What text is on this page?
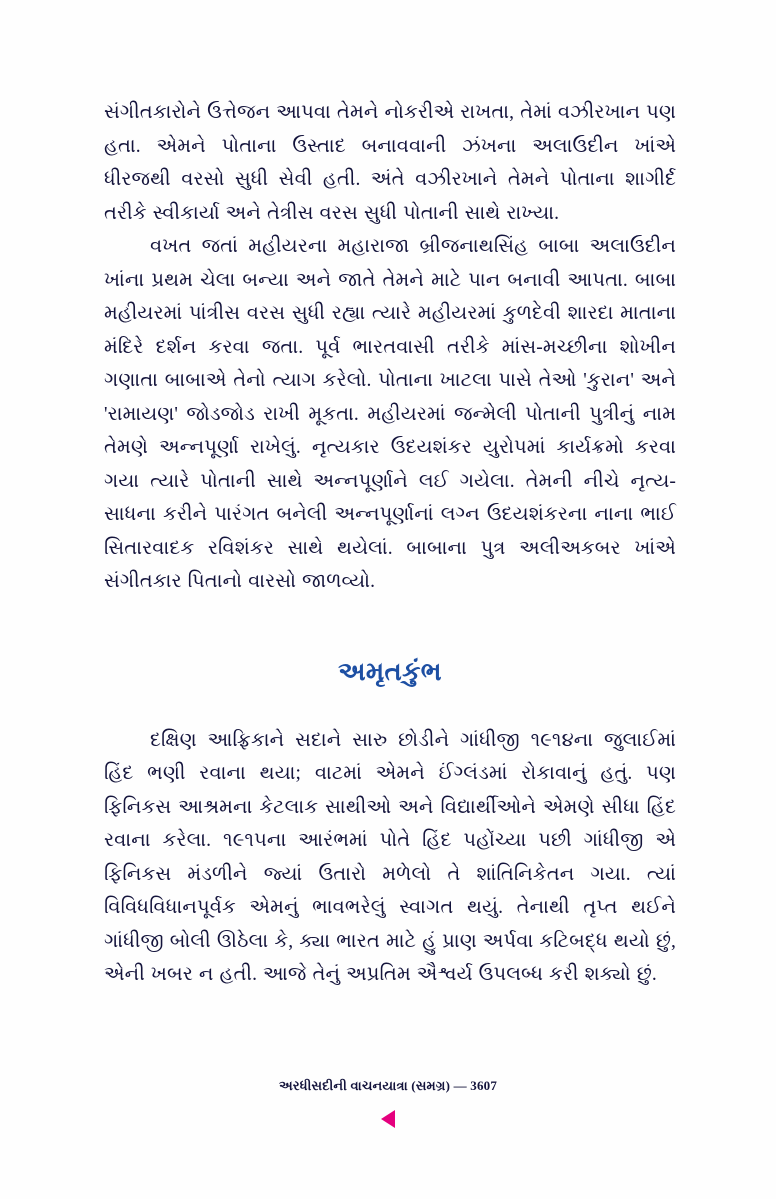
સંગીતકારોને ઉત્તેજન આપવા તેમને નોકરીએ રાખતા, તેમાં વઝીરખાન પણ હતા. એમને પોતાના ઉસ્તાદ બનાવવાની ઝંખના અલાઉદીન ખાંએ ધીરજથી વરસો સુધી સેવી હતી. અંતે વઝીરખાને તેમને પોતાના શાગીર્દ તરીકે સ્વીકાર્યા અને તેત્રીસ વરસ સુધી પોતાની સાથે રાખ્યા.

વખત જતાં મહીયરના મહારાજા બ્રીજનાથસિંહ બાબા અલાઉદીન ખાંના પ્રથમ ચેલા બન્યા અને જાતે તેમને માટે પાન બનાવી આપતા. બાબા મહીયરમાં પાંત્રીસ વરસ સુધી રહ્યા ત્યારે મહીયરમાં કુળદેવી શારદા માતાના મંદિરે દર્શન કરવા જતા. પૂર્વ ભારતવાસી તરીકે માંસ-મચ્છીના શોખીન ગણાતા બાબાએ તેનો ત્યાગ કરેલો. પોતાના ખાટલા પાસે તેઓ 'કુરાન' અને 'રામાયણ' જોડજોડ રાખી મૂકતા. મહીયરમાં જન્મેલી પોતાની પુત્રીનું નામ તેમણે અન્નપૂર્ણા રાખેલું. નૃત્યકાર ઉદયશંકર યુરોપમાં કાર્યક્રમો કરવા ગયા ત્યારે પોતાની સાથે અન્નપૂર્ણાને લઈ ગયેલા. તેમની નીચે નૃત્ય-સાધના કરીને પારંગત બનેલી અન્નપૂર્ણાનાં લગ્ન ઉદયશંકરના નાના ભાઈ સિતારવાદક રવિશંકર સાથે થયેલાં. બાબાના પુત્ર અલીઅકબર ખાંએ સંગીતકાર પિતાનો વારસો જાળવ્યો.

અમૃતકુંભ

દક્ષિણ આફ્રિકાને સદાને સારુ છોડીને ગાંધીજી ૧૯૧૪ના જુલાઈમાં હિંદ ભણી રવાના થયા; વાટમાં એમને ઈંગ્લંડમાં રોકાવાનું હતું. પણ ફિનિકસ આશ્રમના કેટલાક સાથીઓ અને વિદ્યાર્થીઓને એમણે સીધા હિંદ રવાના કરેલા. ૧૯૧૫ના આરંભમાં પોતે હિંદ પહોંચ્યા પછી ગાંધીજી એ ફિનિકસ મંડળીને જ્યાં ઉતારો મળેલો તે શાંતિનિકેતન ગયા. ત્યાં વિવિધવિધાનપૂર્વક એમનું ભાવભરેલું સ્વાગત થયું. તેનાથી તૃપ્ત થઈને ગાંધીજી બોલી ઊઠેલા કે, ક્યા ભારત માટે હું પ્રાણ અર્પવા કટિબદ્ધ થયો છું, એની ખબર ન હતી. આજે તેનું અપ્રતિમ ઐશ્વર્ય ઉપલબ્ધ કરી શક્યો છું.

અરધીસદીની વાચનયાત્રા (સમગ્ર) — 3607
